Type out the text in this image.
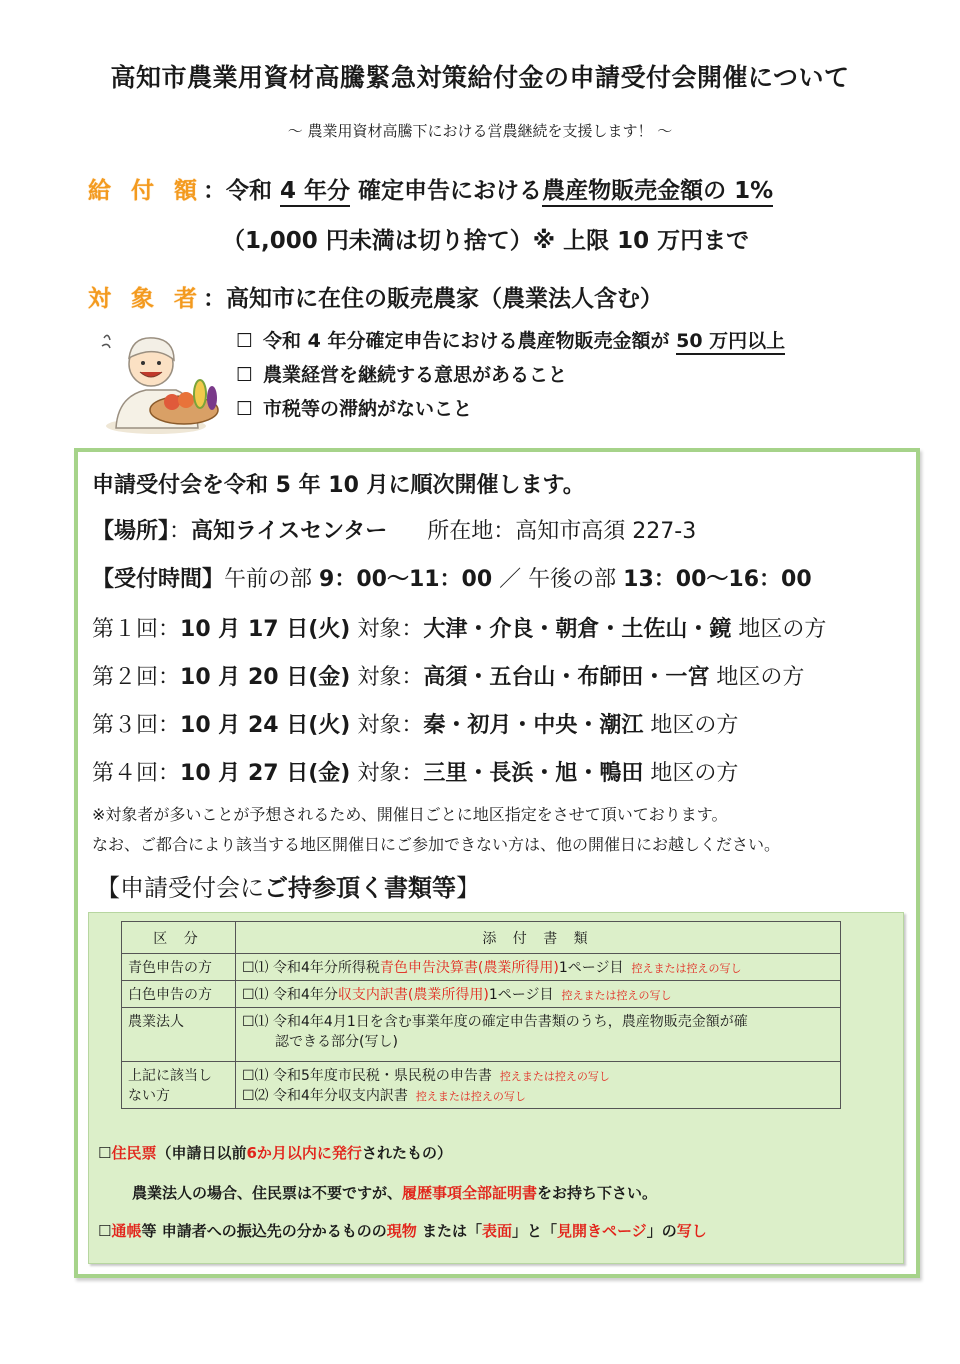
高知市農業用資材高騰緊急対策給付金の申請受付会開催について
～ 農業用資材高騰下における営農継続を支援します！ ～
給 付 額：令和 4 年分 確定申告における農産物販売金額の 1%
（1,000 円未満は切り捨て）※ 上限 10 万円まで
対 象 者：高知市に在住の販売農家（農業法人含む）
☐ 令和 4 年分確定申告における農産物販売金額が 50 万円以上
☐ 農業経営を継続する意思があること
☐ 市税等の滞納がないこと
申請受付会を令和 5 年 10 月に順次開催します。
【場所】：高知ライスセンター 所在地：高知市高須 227-3
【受付時間】午前の部 9：00～11：00 ／ 午後の部 13：00～16：00
第１回：10 月 17 日(火) 対象：大津・介良・朝倉・土佐山・鏡 地区の方
第２回：10 月 20 日(金) 対象：高須・五台山・布師田・一宮 地区の方
第３回：10 月 24 日(火) 対象：秦・初月・中央・潮江 地区の方
第４回：10 月 27 日(金) 対象：三里・長浜・旭・鴨田 地区の方
※対象者が多いことが予想されるため、開催日ごとに地区指定をさせて頂いております。
なお、ご都合により該当する地区開催日にご参加できない方は、他の開催日にお越しください。
【申請受付会にご持参頂く書類等】
区 分	添 付 書 類
青色申告の方	☐⑴ 令和4年分所得税青色申告決算書(農業所得用)1ページ目 控えまたは控えの写し
白色申告の方	☐⑴ 令和4年分収支内訳書(農業所得用)1ページ目 控えまたは控えの写し
農業法人	☐⑴ 令和4年4月1日を含む事業年度の確定申告書類のうち，農産物販売金額が確
認できる部分(写し)

上記に該当し
ない方	☐⑴ 令和5年度市民税・県民税の申告書 控えまたは控えの写し
☐⑵ 令和4年分収支内訳書 控えまたは控えの写し
☐住民票（申請日以前6か月以内に発行されたもの）
農業法人の場合、住民票は不要ですが、履歴事項全部証明書をお持ち下さい。
☐通帳等 申請者への振込先の分かるものの現物 または「表面」と「見開きページ」の写し
